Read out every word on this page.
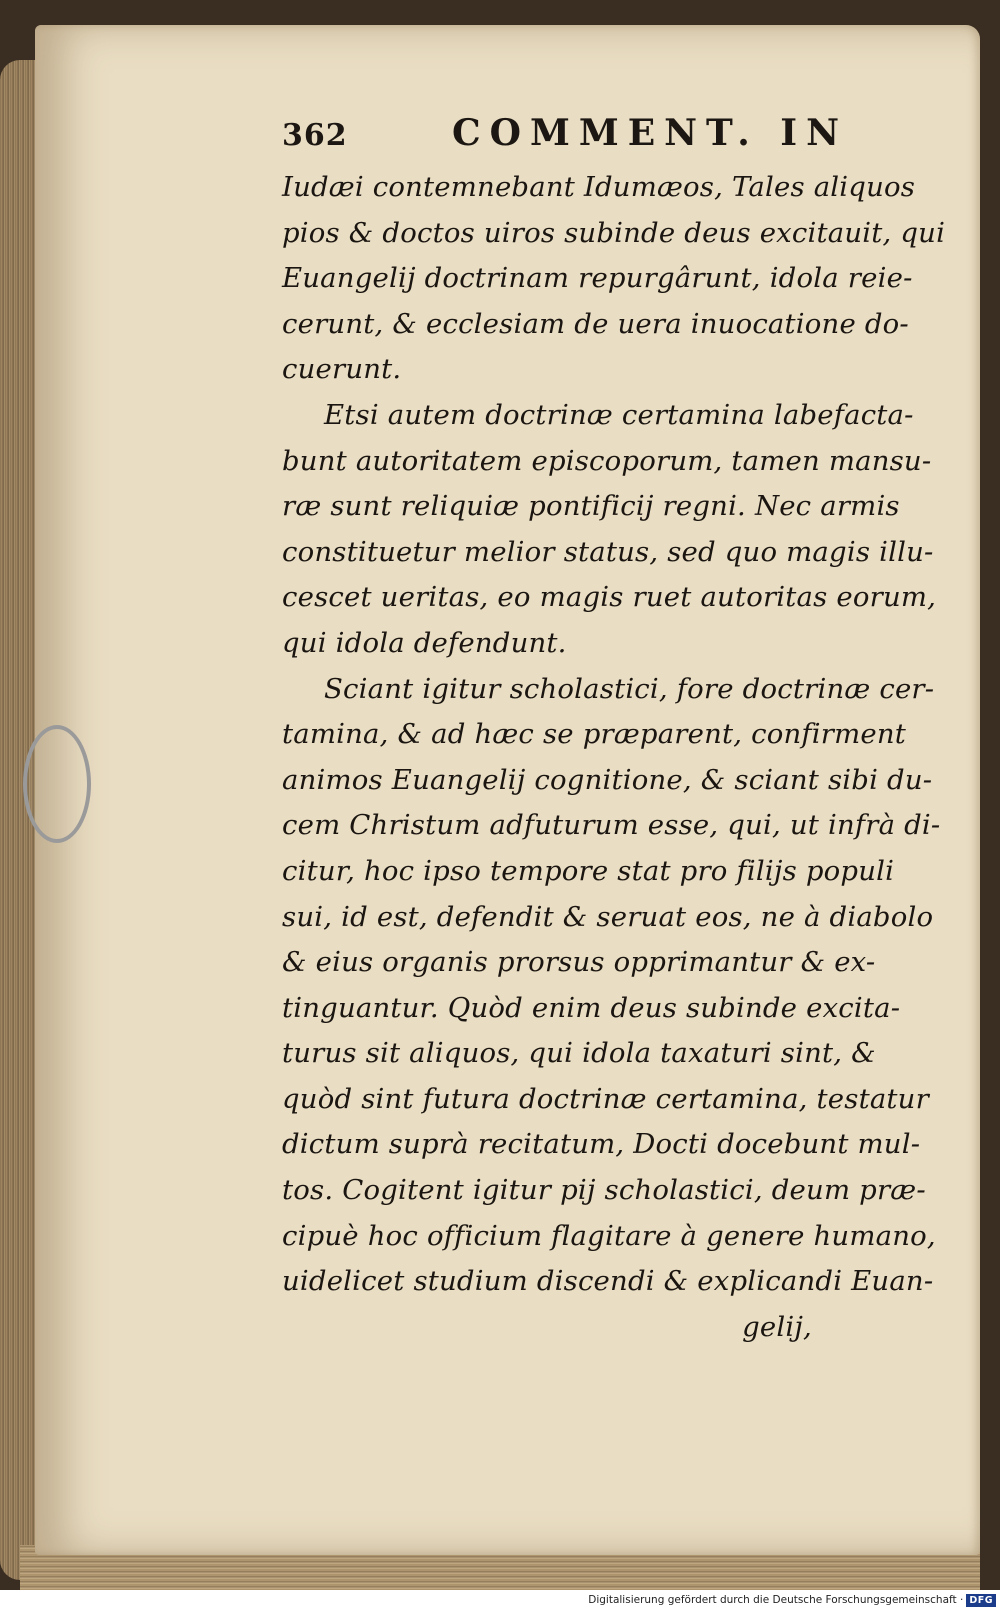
362	COMMENT. IN
Iudæi contemnebant Idumæos, Tales aliquos
pios & doctos uiros subinde deus excitauit, qui
Euangelij doctrinam repurgârunt, idola reie-
cerunt, & ecclesiam de uera inuocatione do-
cuerunt.
Etsi autem doctrinæ certamina labefacta-
bunt autoritatem episcoporum, tamen mansu-
ræ sunt reliquiæ pontificij regni. Nec armis
constituetur melior status, sed quo magis illu-
cescet ueritas, eo magis ruet autoritas eorum,
qui idola defendunt.
Sciant igitur scholastici, fore doctrinæ cer-
tamina, & ad hæc se præparent, confirment
animos Euangelij cognitione, & sciant sibi du-
cem Christum adfuturum esse, qui, ut infrà di-
citur, hoc ipso tempore stat pro filijs populi
sui, id est, defendit & seruat eos, ne à diabolo
& eius organis prorsus opprimantur & ex-
tinguantur. Quòd enim deus subinde excita-
turus sit aliquos, qui idola taxaturi sint, &
quòd sint futura doctrinæ certamina, testatur
dictum suprà recitatum, Docti docebunt mul-
tos. Cogitent igitur pij scholastici, deum præ-
cipuè hoc officium flagitare à genere humano,
uidelicet studium discendi & explicandi Euan-
gelij,
Digitalisierung gefördert durch die Deutsche Forschungsgemeinschaft · DFG
